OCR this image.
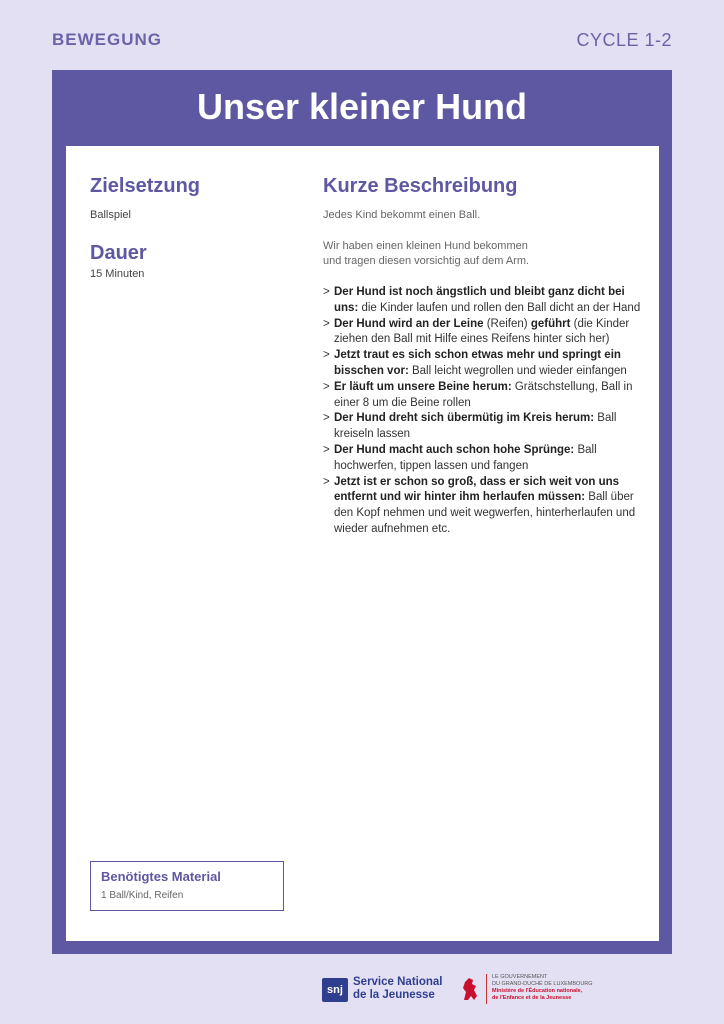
BEWEGUNG	CYCLE 1-2
Unser kleiner Hund
Zielsetzung
Ballspiel
Dauer
15 Minuten
Kurze Beschreibung
Jedes Kind bekommt einen Ball.
Wir haben einen kleinen Hund bekommen
und tragen diesen vorsichtig auf dem Arm.
> Der Hund ist noch ängstlich und bleibt ganz dicht bei uns: die Kinder laufen und rollen den Ball dicht an der Hand
> Der Hund wird an der Leine (Reifen) geführt (die Kinder ziehen den Ball mit Hilfe eines Reifens hinter sich her)
> Jetzt traut es sich schon etwas mehr und springt ein bisschen vor: Ball leicht wegrollen und wieder einfangen
> Er läuft um unsere Beine herum: Grätschstellung, Ball in einer 8 um die Beine rollen
> Der Hund dreht sich übermütig im Kreis herum: Ball kreiseln lassen
> Der Hund macht auch schon hohe Sprünge: Ball hochwerfen, tippen lassen und fangen
> Jetzt ist er schon so groß, dass er sich weit von uns entfernt und wir hinter ihm herlaufen müssen: Ball über den Kopf nehmen und weit wegwerfen, hinterherlaufen und wieder aufnehmen etc.
Benötigtes Material
1 Ball/Kind, Reifen
snj
Service National
de la Jeunesse
LE GOUVERNEMENT
DU GRAND-DUCHÉ DE LUXEMBOURG
Ministère de l'Éducation nationale,
de l'Enfance et de la Jeunesse
